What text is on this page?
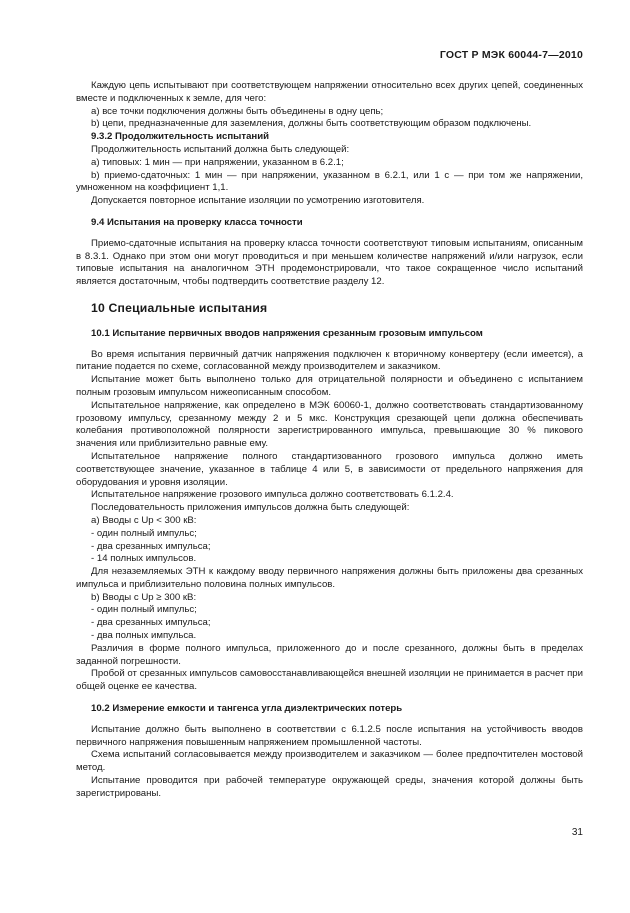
ГОСТ Р МЭК 60044-7—2010

Каждую цепь испытывают при соответствующем напряжении относительно всех других цепей, соединенных вместе и подключенных к земле, для чего:

а) все точки подключения должны быть объединены в одну цепь;

b) цепи, предназначенные для заземления, должны быть соответствующим образом подключены.

9.3.2 Продолжительность испытаний

Продолжительность испытаний должна быть следующей:

а) типовых: 1 мин — при напряжении, указанном в 6.2.1;

b) приемо-сдаточных: 1 мин — при напряжении, указанном в 6.2.1, или 1 с — при том же напряжении, умноженном на коэффициент 1,1.

Допускается повторное испытание изоляции по усмотрению изготовителя.

9.4 Испытания на проверку класса точности

Приемо-сдаточные испытания на проверку класса точности соответствуют типовым испытаниям, описанным в 8.3.1. Однако при этом они могут проводиться и при меньшем количестве напряжений и/или нагрузок, если типовые испытания на аналогичном ЭТН продемонстрировали, что такое сокращенное число испытаний является достаточным, чтобы подтвердить соответствие разделу 12.

10 Специальные испытания

10.1 Испытание первичных вводов напряжения срезанным грозовым импульсом

Во время испытания первичный датчик напряжения подключен к вторичному конвертеру (если имеется), а питание подается по схеме, согласованной между производителем и заказчиком.

Испытание может быть выполнено только для отрицательной полярности и объединено с испытанием полным грозовым импульсом нижеописанным способом.

Испытательное напряжение, как определено в МЭК 60060-1, должно соответствовать стандартизованному грозовому импульсу, срезанному между 2 и 5 мкс. Конструкция срезающей цепи должна обеспечивать колебания противоположной полярности зарегистрированного импульса, превышающие 30 % пикового значения или приблизительно равные ему.

Испытательное напряжение полного стандартизованного грозового импульса должно иметь соответствующее значение, указанное в таблице 4 или 5, в зависимости от предельного напряжения для оборудования и уровня изоляции.

Испытательное напряжение грозового импульса должно соответствовать 6.1.2.4.

Последовательность приложения импульсов должна быть следующей:

а) Вводы с Up < 300 кВ:

- один полный импульс;

- два срезанных импульса;

- 14 полных импульсов.

Для незаземляемых ЭТН к каждому вводу первичного напряжения должны быть приложены два срезанных импульса и приблизительно половина полных импульсов.

b) Вводы с Up ≥ 300 кВ:

- один полный импульс;

- два срезанных импульса;

- два полных импульса.

Различия в форме полного импульса, приложенного до и после срезанного, должны быть в пределах заданной погрешности.

Пробой от срезанных импульсов самовосстанавливающейся внешней изоляции не принимается в расчет при общей оценке ее качества.

10.2 Измерение емкости и тангенса угла диэлектрических потерь

Испытание должно быть выполнено в соответствии с 6.1.2.5 после испытания на устойчивость вводов первичного напряжения повышенным напряжением промышленной частоты.

Схема испытаний согласовывается между производителем и заказчиком — более предпочтителен мостовой метод.

Испытание проводится при рабочей температуре окружающей среды, значения которой должны быть зарегистрированы.

31
